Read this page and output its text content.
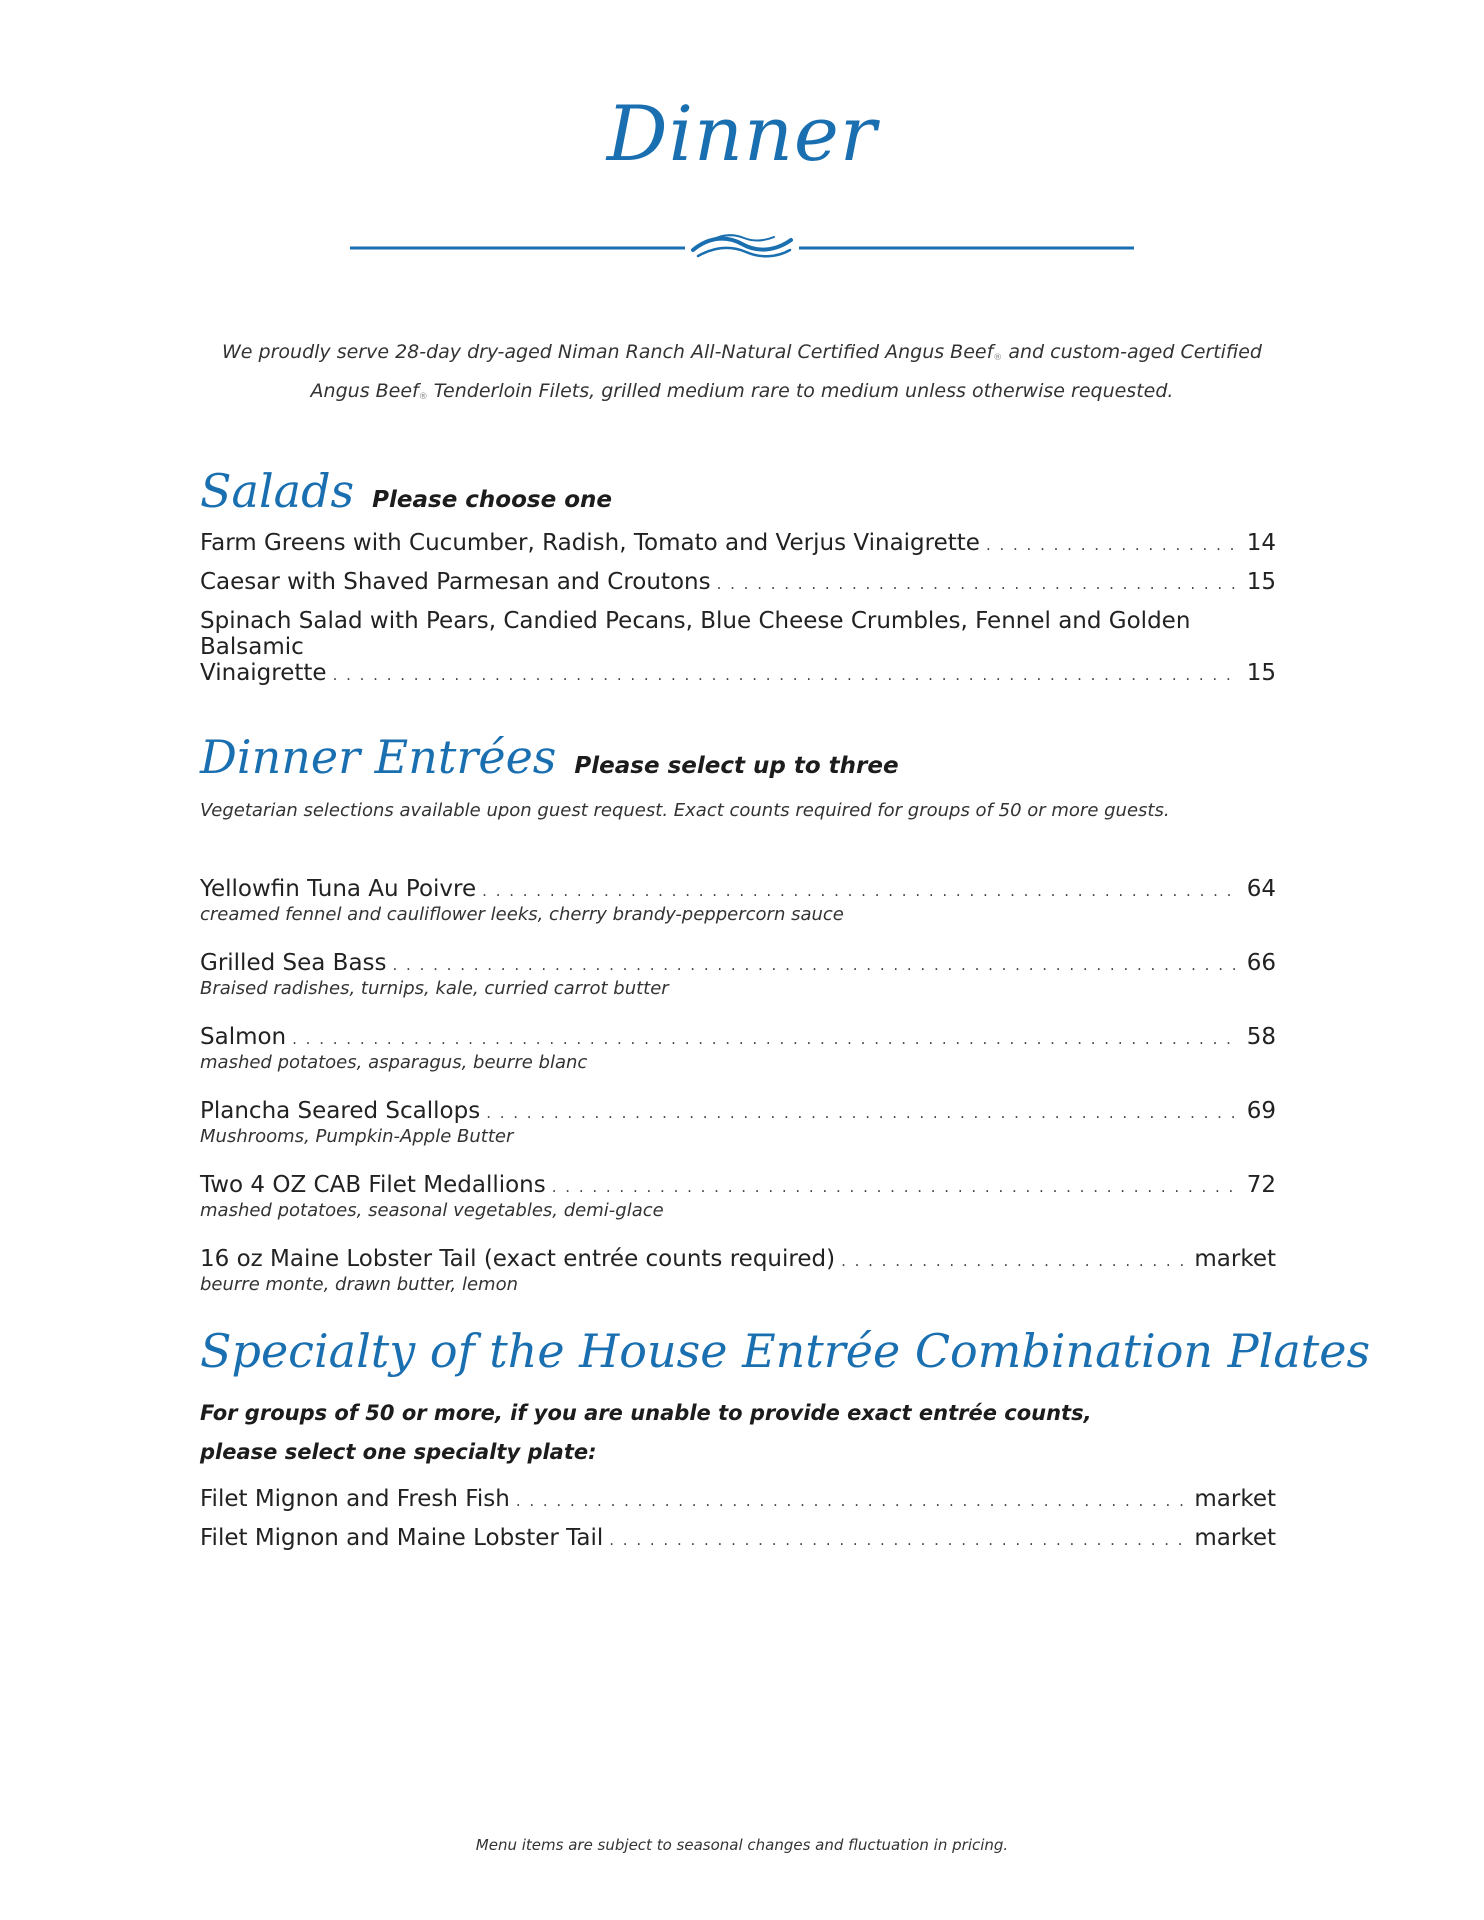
Dinner

We proudly serve 28-day dry-aged Niman Ranch All-Natural Certified Angus Beef$_®$ and custom-aged Certified Angus Beef$_®$ Tenderloin Filets, grilled medium rare to medium unless otherwise requested.

Salads Please choose one
Farm Greens with Cucumber, Radish, Tomato and Verjus Vinaigrette . . .	14
Caesar with Shaved Parmesan and Croutons . . .	15
Spinach Salad with Pears, Candied Pecans, Blue Cheese Crumbles, Fennel and Golden Balsamic
Vinaigrette . . .	15
Dinner Entrées Please select up to three

Vegetarian selections available upon guest request. Exact counts required for groups of 50 or more guests.

Yellowfin Tuna Au Poivre . . .	64
creamed fennel and cauliflower leeks, cherry brandy-peppercorn sauce
Grilled Sea Bass . . .	66
Braised radishes, turnips, kale, curried carrot butter
Salmon . . .	58
mashed potatoes, asparagus, beurre blanc
Plancha Seared Scallops . . .	69
Mushrooms, Pumpkin-Apple Butter
Two 4 OZ CAB Filet Medallions . . .	72
mashed potatoes, seasonal vegetables, demi-glace
16 oz Maine Lobster Tail (exact entrée counts required) . . .	market
beurre monte, drawn butter, lemon
Specialty of the House Entrée Combination Plates

For groups of 50 or more, if you are unable to provide exact entrée counts,
please select one specialty plate:

Filet Mignon and Fresh Fish . . .	market
Filet Mignon and Maine Lobster Tail . . .	market

Menu items are subject to seasonal changes and fluctuation in pricing.
